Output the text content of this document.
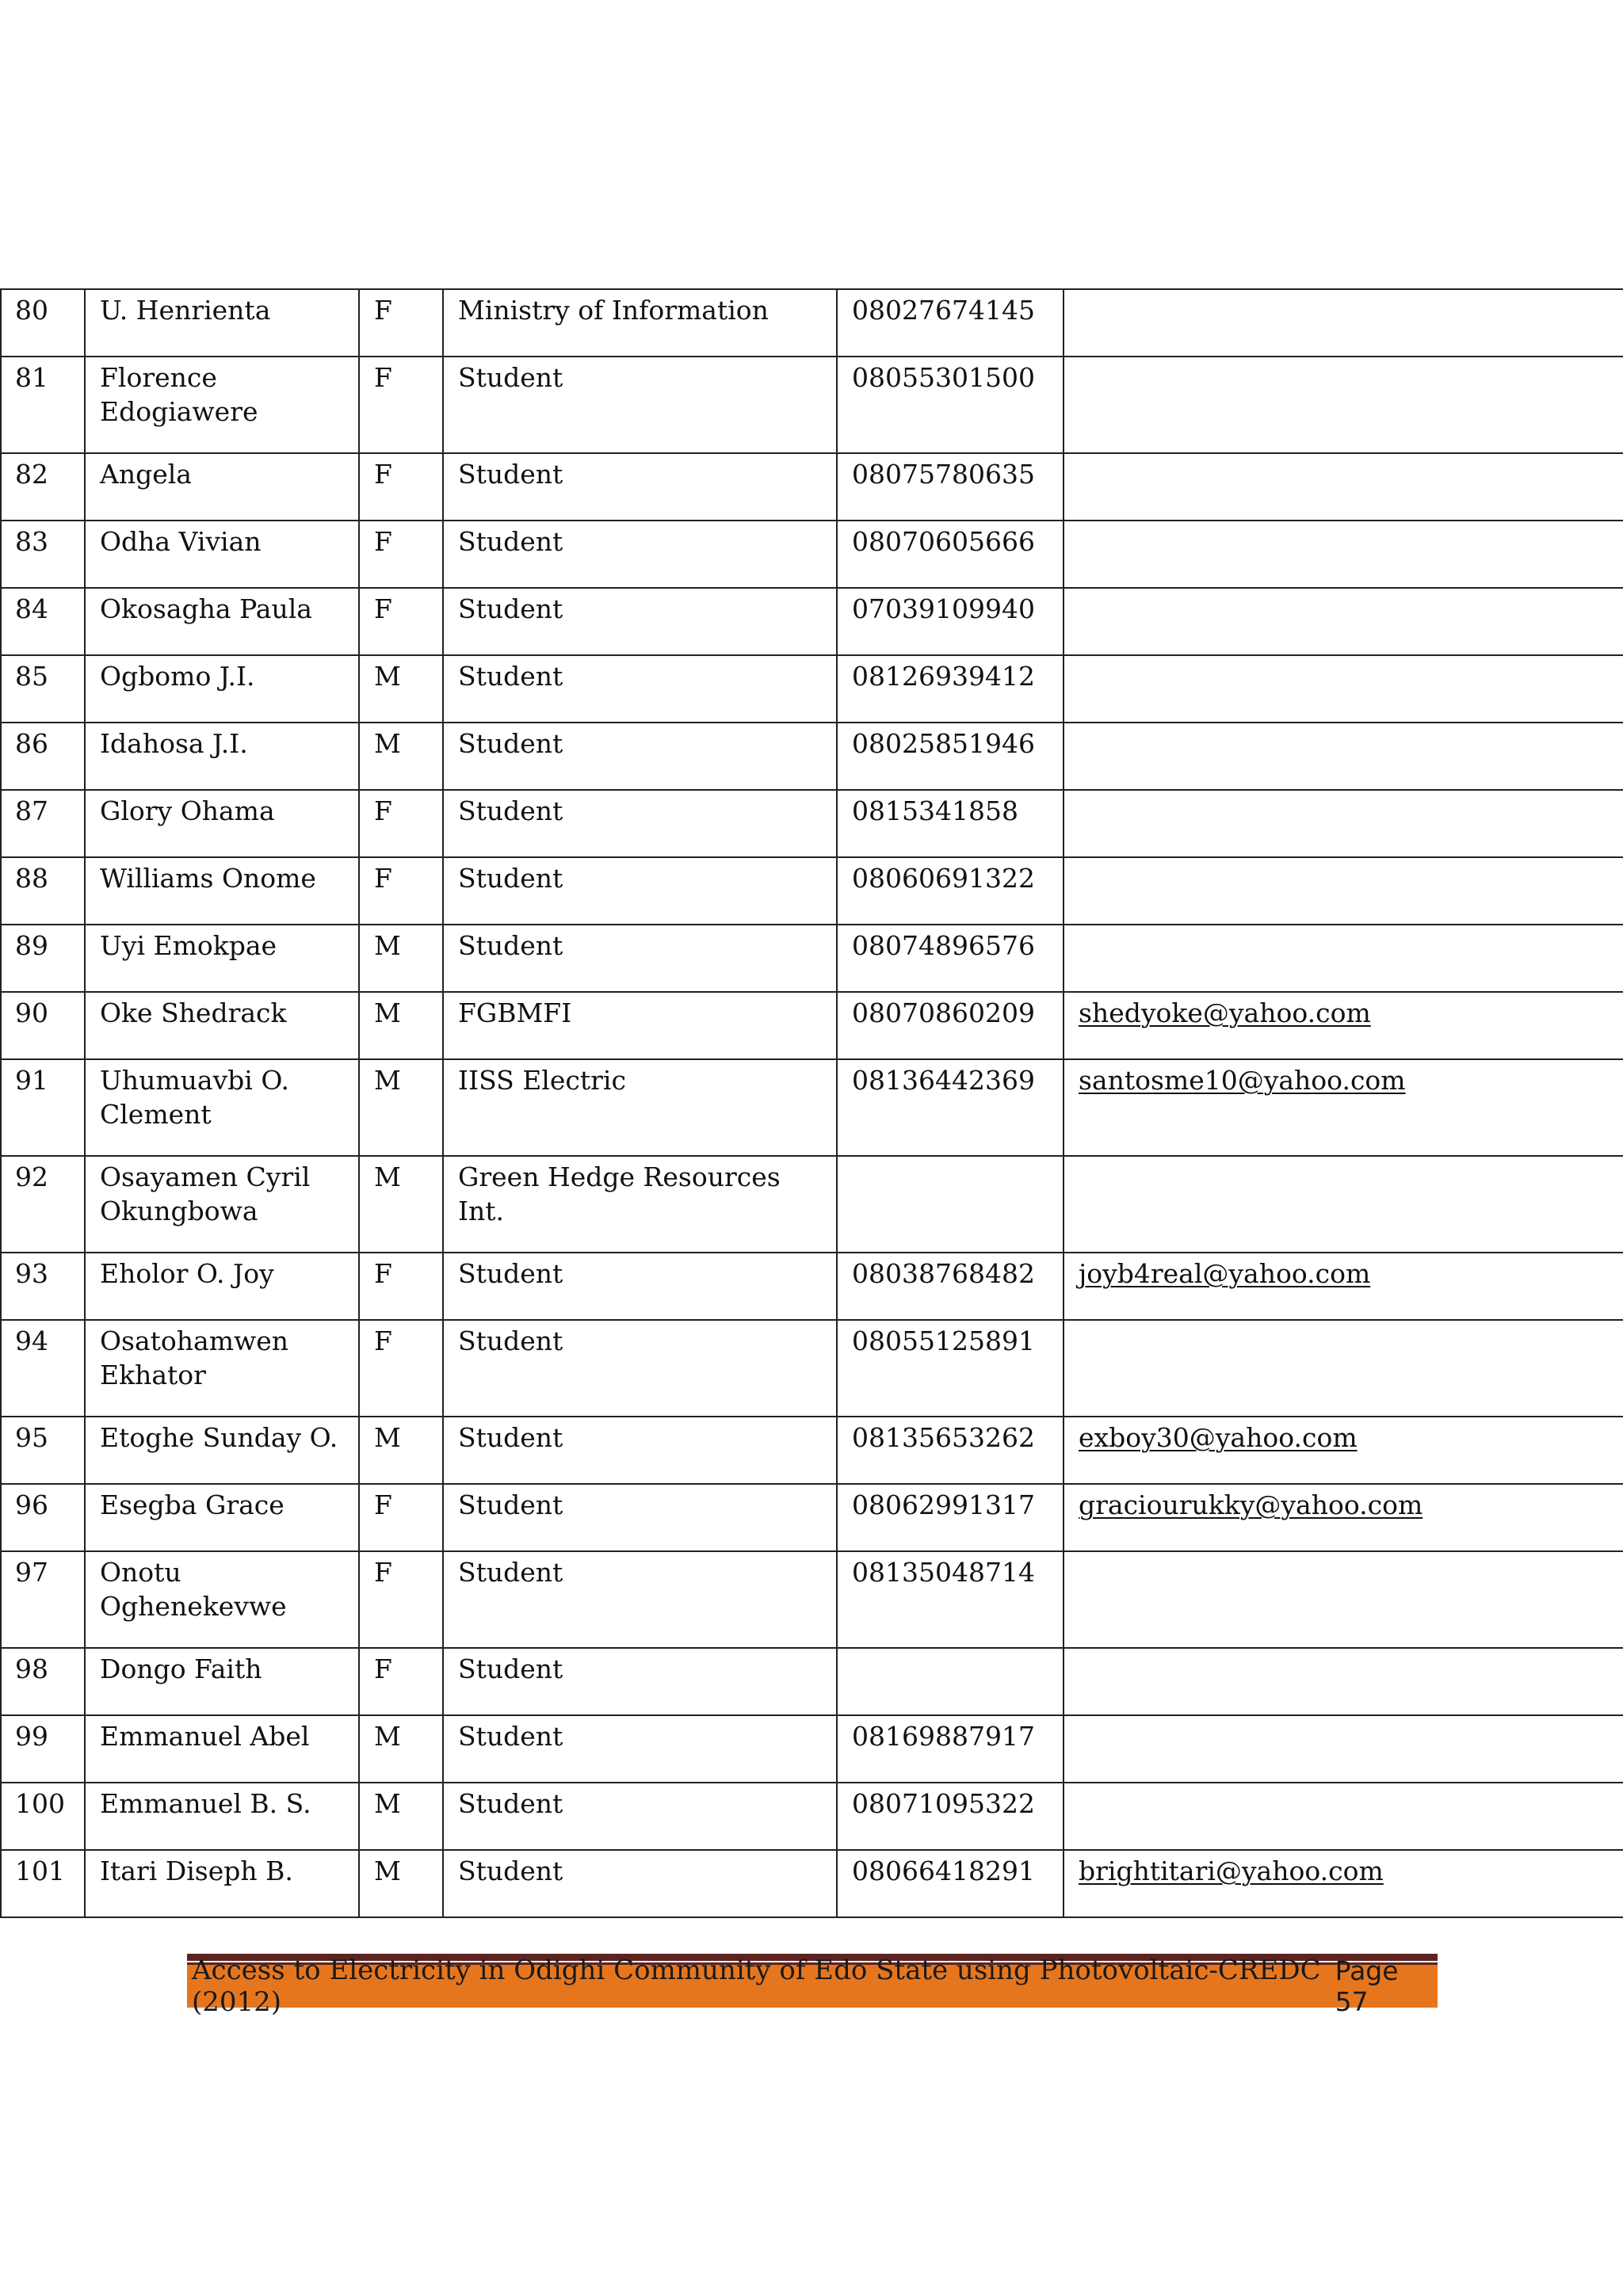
80	U. Henrienta	F	Ministry of Information	08027674145	
81	Florence Edogiawere	F	Student	08055301500	
82	Angela	F	Student	08075780635	
83	Odha Vivian	F	Student	08070605666	
84	Okosagha Paula	F	Student	07039109940	
85	Ogbomo J.I.	M	Student	08126939412	
86	Idahosa J.I.	M	Student	08025851946	
87	Glory Ohama	F	Student	0815341858	
88	Williams Onome	F	Student	08060691322	
89	Uyi Emokpae	M	Student	08074896576	
90	Oke Shedrack	M	FGBMFI	08070860209	shedyoke@yahoo.com
91	Uhumuavbi O. Clement	M	IISS Electric	08136442369	santosme10@yahoo.com
92	Osayamen Cyril Okungbowa	M	Green Hedge Resources Int.		
93	Eholor O. Joy	F	Student	08038768482	joyb4real@yahoo.com
94	Osatohamwen Ekhator	F	Student	08055125891	
95	Etoghe Sunday O.	M	Student	08135653262	exboy30@yahoo.com
96	Esegba Grace	F	Student	08062991317	graciourukky@yahoo.com
97	Onotu Oghenekevwe	F	Student	08135048714	
98	Dongo Faith	F	Student		
99	Emmanuel Abel	M	Student	08169887917	
100	Emmanuel B. S.	M	Student	08071095322	
101	Itari Diseph B.	M	Student	08066418291	brightitari@yahoo.com
Access to Electricity in Odighi Community of Edo State using Photovoltaic-CREDC (2012)
Page 57
